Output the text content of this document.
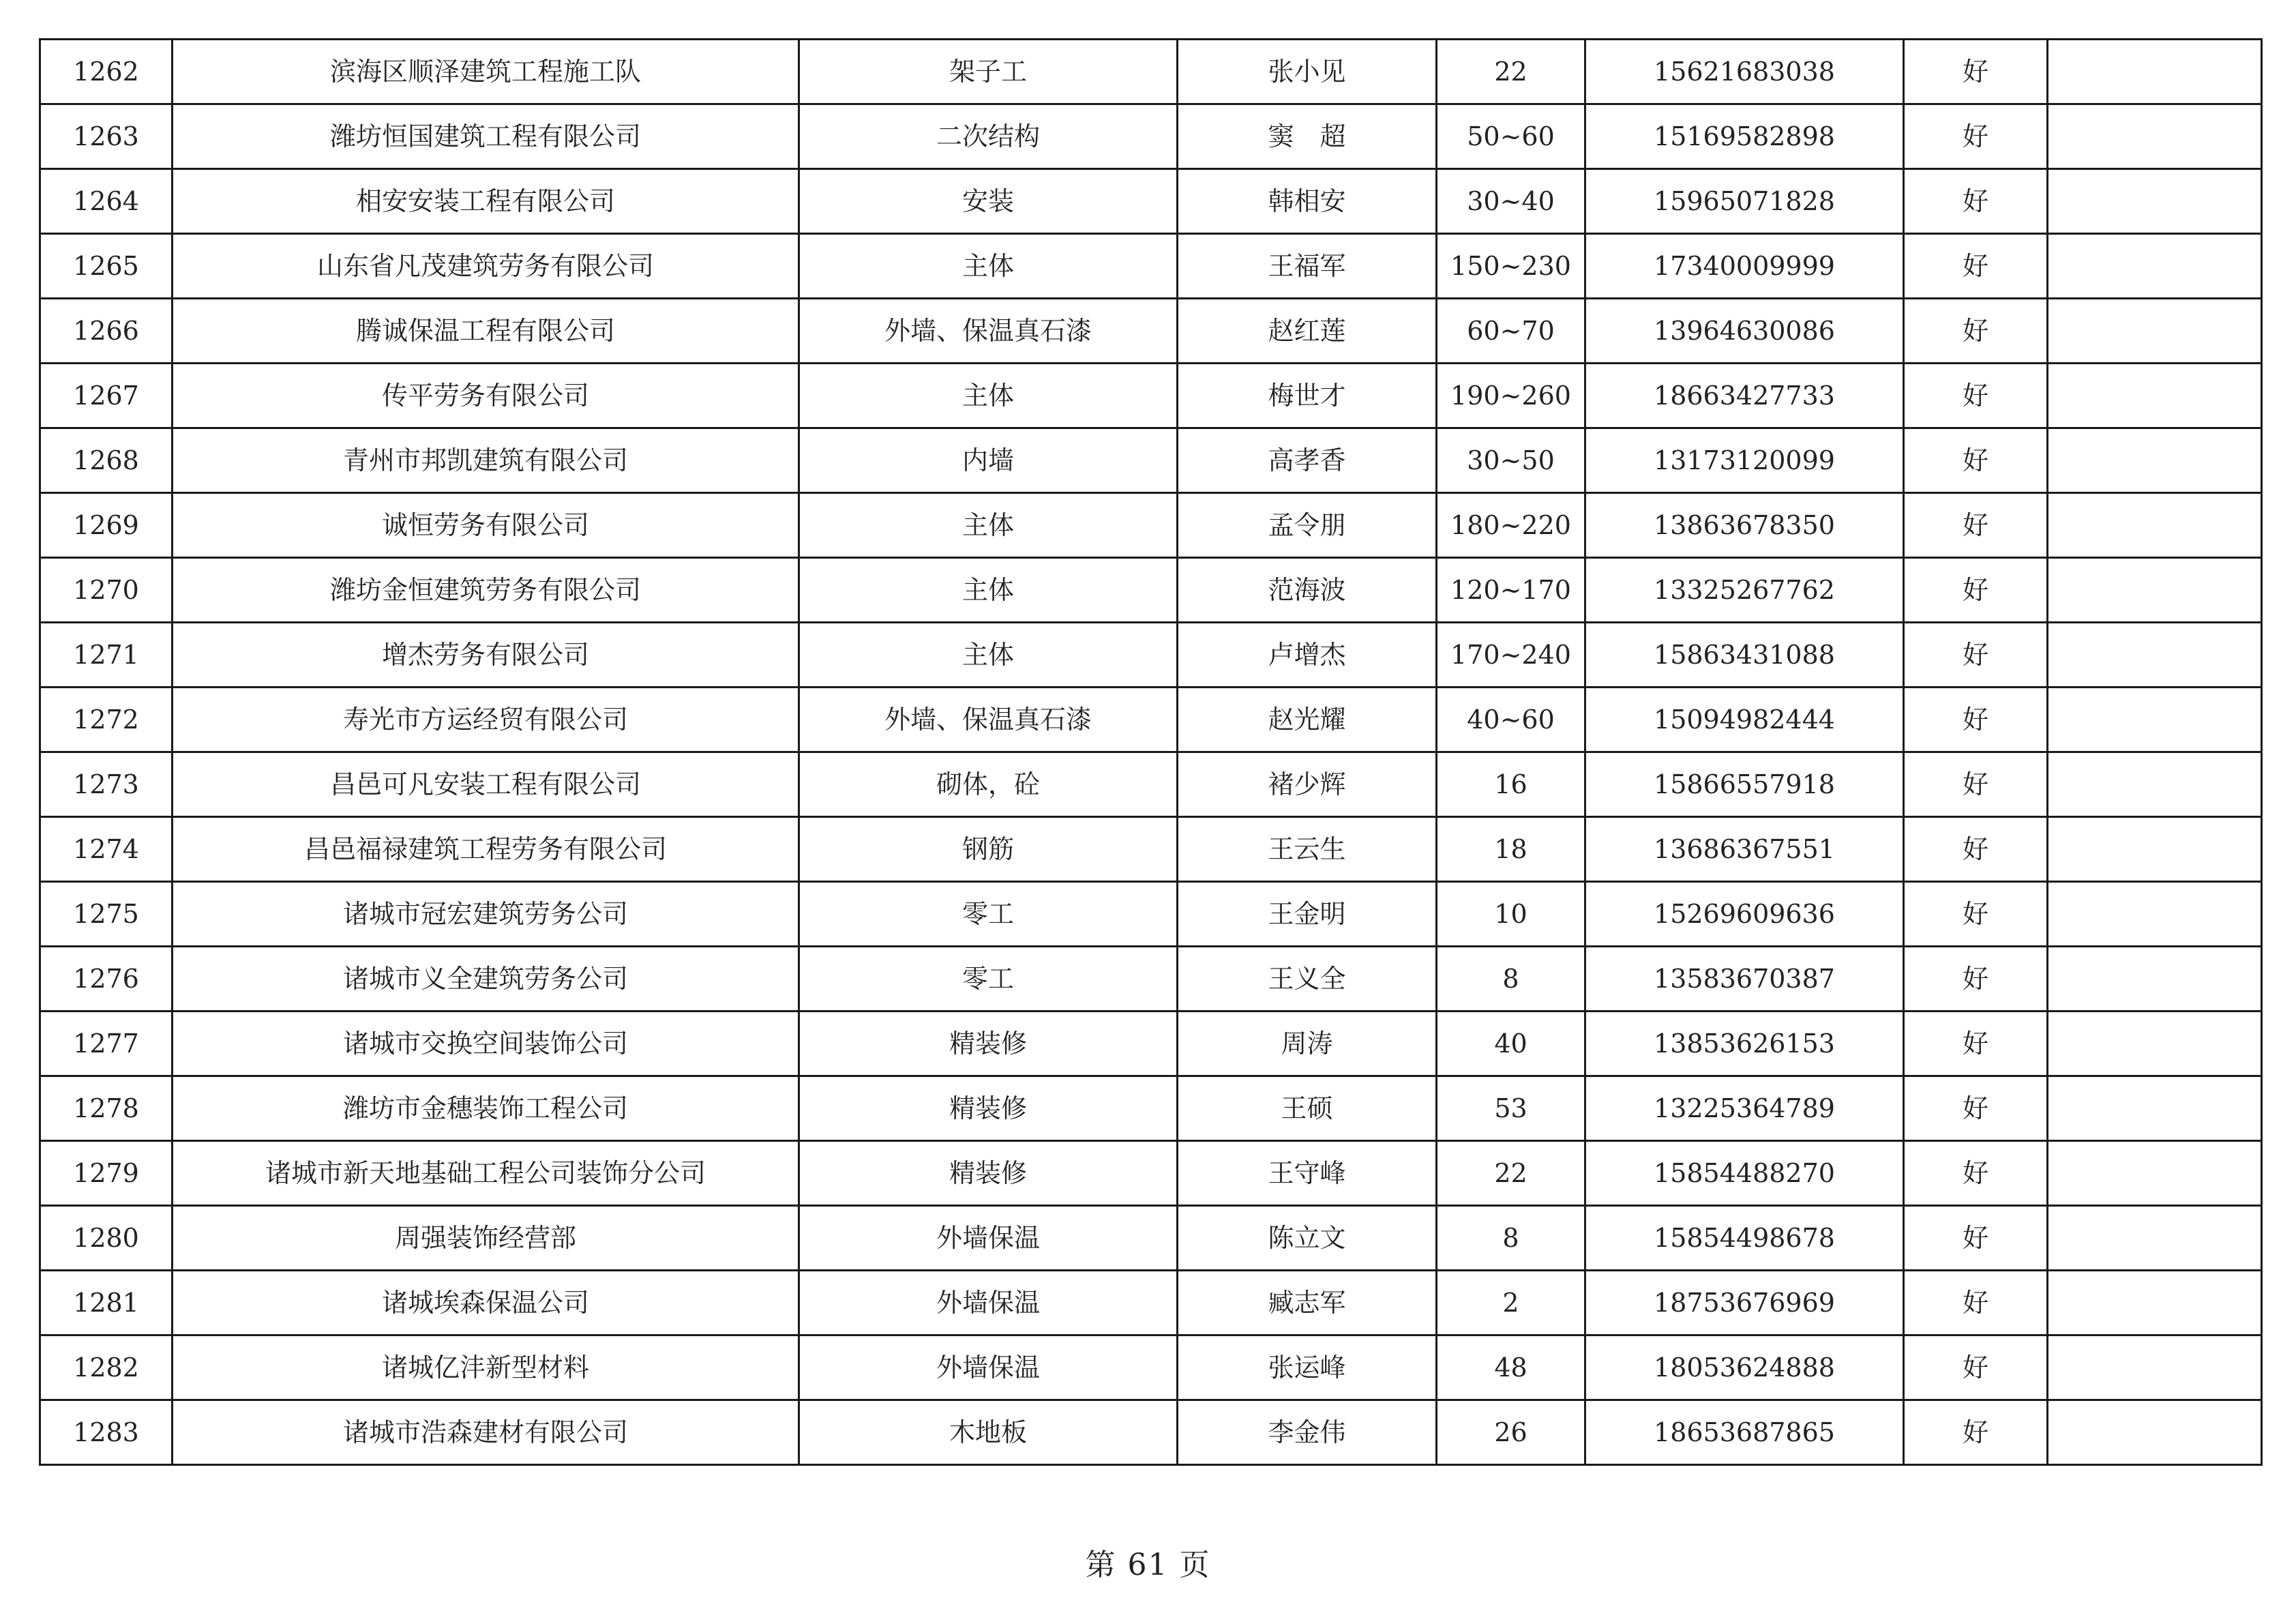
1262	滨海区顺泽建筑工程施工队	架子工	张小见	22	15621683038	好	
1263	潍坊恒国建筑工程有限公司	二次结构	窦　超	50~60	15169582898	好	
1264	相安安装工程有限公司	安装	韩相安	30~40	15965071828	好	
1265	山东省凡茂建筑劳务有限公司	主体	王福军	150~230	17340009999	好	
1266	腾诚保温工程有限公司	外墙、保温真石漆	赵红莲	60~70	13964630086	好	
1267	传平劳务有限公司	主体	梅世才	190~260	18663427733	好	
1268	青州市邦凯建筑有限公司	内墙	高孝香	30~50	13173120099	好	
1269	诚恒劳务有限公司	主体	孟令朋	180~220	13863678350	好	
1270	潍坊金恒建筑劳务有限公司	主体	范海波	120~170	13325267762	好	
1271	增杰劳务有限公司	主体	卢增杰	170~240	15863431088	好	
1272	寿光市方运经贸有限公司	外墙、保温真石漆	赵光耀	40~60	15094982444	好	
1273	昌邑可凡安装工程有限公司	砌体，砼	褚少辉	16	15866557918	好	
1274	昌邑福禄建筑工程劳务有限公司	钢筋	王云生	18	13686367551	好	
1275	诸城市冠宏建筑劳务公司	零工	王金明	10	15269609636	好	
1276	诸城市义全建筑劳务公司	零工	王义全	8	13583670387	好	
1277	诸城市交换空间装饰公司	精装修	周涛	40	13853626153	好	
1278	潍坊市金穗装饰工程公司	精装修	王硕	53	13225364789	好	
1279	诸城市新天地基础工程公司装饰分公司	精装修	王守峰	22	15854488270	好	
1280	周强装饰经营部	外墙保温	陈立文	8	15854498678	好	
1281	诸城埃森保温公司	外墙保温	臧志军	2	18753676969	好	
1282	诸城亿沣新型材料	外墙保温	张运峰	48	18053624888	好	
1283	诸城市浩森建材有限公司	木地板	李金伟	26	18653687865	好	
第 61 页
